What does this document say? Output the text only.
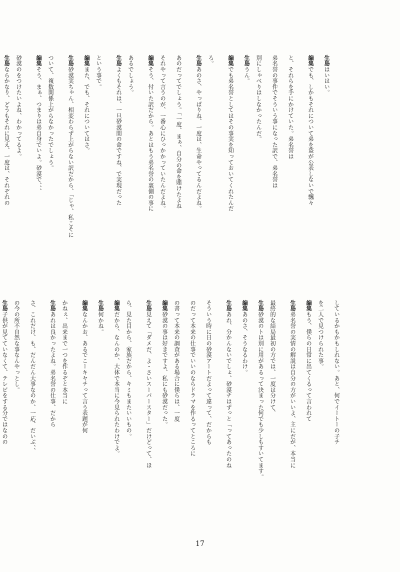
生島はいはい。
編集でも、しかもそれについて弟を盗が公表しないで飄々
と、それらを手にかけていた。弟名誉は
弟名誉の事件でそういう事になった訳で、弟名誉は
別にしゃべりはしなかったんだ。
生島うん。
編集でも弟名誉としてはその事実を知っておいてくれたんだ
ろ。
生島あのさ、やっぱりね、一度は、生命やってるんだよね。
あのだってでしょう。「一度、まぁ、自分の命を賭けたよね
それやって言うのが、一番心にひっかかっていたんだよね。
編集そう、付いた訳だから。あとはもう弟名誉の裏側の事に
あるでしょう。
生島よくもそれは、一旦砂漠間の命ですね、で実現だった
という事で。
編集また、でも、それについてはさ。
生島砂漠実ちゃん、相変わらず上がらない訳だから、「じゃ、私こそに
ついて、複数関係上がらなかったでしょう。
編集そう、まぁ、つまりは弟自身でいよ。砂漠で、、、
砂漠のをつけたいよね、わかってるよ。
生島ならかなり、どうもそれに見え、一度は、それぞれの
しているかもかもしれない。あと、何でイートーの子チ
を二人で見つけられた事。
編集もう、僕らの日常に出てくるって言われて
生島弟名誉の実情の解説は自分の方がいいよ、主にだが、本当に
最終的な結局最初の方では、一度は分けて、
生島砂漠のトは別に用があるって決まった何でも少しもすいてます。
編集あのさ、そうなるわけ。
生島あれ、分かんないでしょ、砂漠チはずっと「ってあったのね
そういう時に日の砂漠アートだよって違って、だからも
のだって本来の仕事でいいのならドラマを作るってところに
の書って本来の調査がある場合に僕らは、一度
編集砂漠の事は好きですよ、私にも砂漠だった。
生島見えて「ダメだ、よ・さいスーパースター」だけどって、ほ
ら、見た目から、家族だから、キミもまたいいもの。
編集だから、なんのか、大体で本当に今見られたわけでよ。
生島何かね。
編集なんかお、あるでこーキヤチって言う表題が何
かねぇ、出来まで一つを作るぞと本当に
生島あれは良かったよね。弟名誉の仕事、だから
さ、これだけ、も、だんだん大事なのか、一応、だいぶ、、
の今の所不自然な事なんやっとし。
生島子供が見てていなくて、テレビをする分ではなのの
17
